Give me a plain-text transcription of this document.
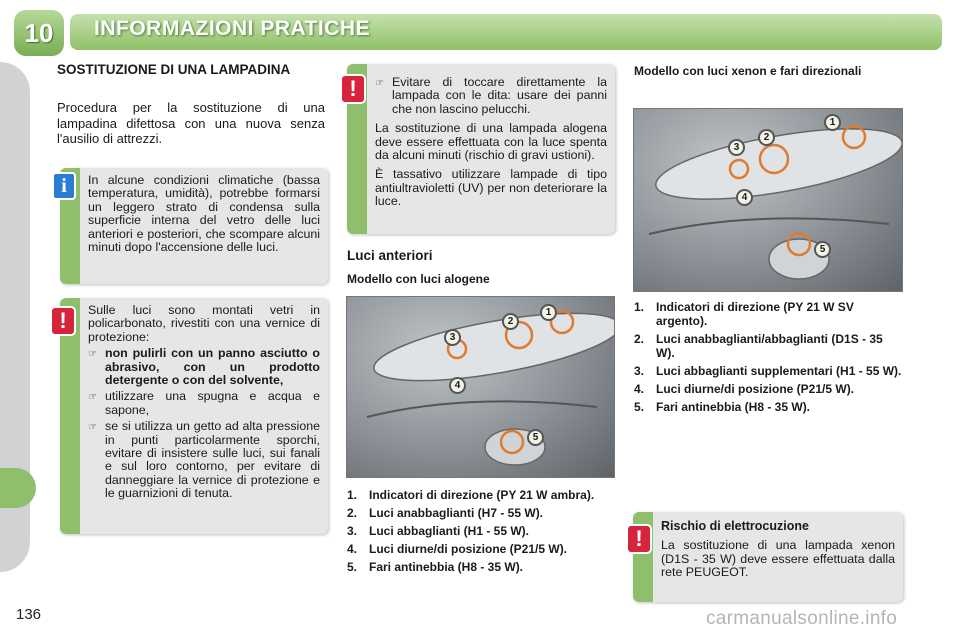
10	INFORMAZIONI PRATICHE
SOSTITUZIONE DI UNA LAMPADINA
Procedura per la sostituzione di una lampadina difettosa con una nuova senza l'ausilio di attrezzi.
In alcune condizioni climatiche (bassa temperatura, umidità), potrebbe formarsi un leggero strato di condensa sulla superficie interna del vetro delle luci anteriori e posteriori, che scompare alcuni minuti dopo l'accensione delle luci.
i
Sulle luci sono montati vetri in policarbonato, rivestiti con una vernice di protezione:
☞ non pulirli con un panno asciutto o abrasivo, con un prodotto detergente o con del solvente,
☞ utilizzare una spugna e acqua e sapone,
☞ se si utilizza un getto ad alta pressione in punti particolarmente sporchi, evitare di insistere sulle luci, sui fanali e sul loro contorno, per evitare di danneggiare la vernice di protezione e le guarnizioni di tenuta.
!
☞ Evitare di toccare direttamente la lampada con le dita: usare dei panni che non lascino pelucchi.
La sostituzione di una lampada alogena deve essere effettuata con la luce spenta da alcuni minuti (rischio di gravi ustioni).
È tassativo utilizzare lampade di tipo antiultravioletti (UV) per non deteriorare la luce.
!
Luci anteriori
Modello con luci alogene
1
2
3
4
5
1. Indicatori di direzione (PY 21 W ambra).
2. Luci anabbaglianti (H7 - 55 W).
3. Luci abbaglianti (H1 - 55 W).
4. Luci diurne/di posizione (P21/5 W).
5. Fari antinebbia (H8 - 35 W).
Modello con luci xenon e fari direzionali
1
2
3
4
5
1. Indicatori di direzione (PY 21 W SV argento).
2. Luci anabbaglianti/abbaglianti (D1S - 35 W).
3. Luci abbaglianti supplementari (H1 - 55 W).
4. Luci diurne/di posizione (P21/5 W).
5. Fari antinebbia (H8 - 35 W).
Rischio di elettrocuzione
La sostituzione di una lampada xenon (D1S - 35 W) deve essere effettuata dalla rete PEUGEOT.
!
136	carmanualsonline.info
